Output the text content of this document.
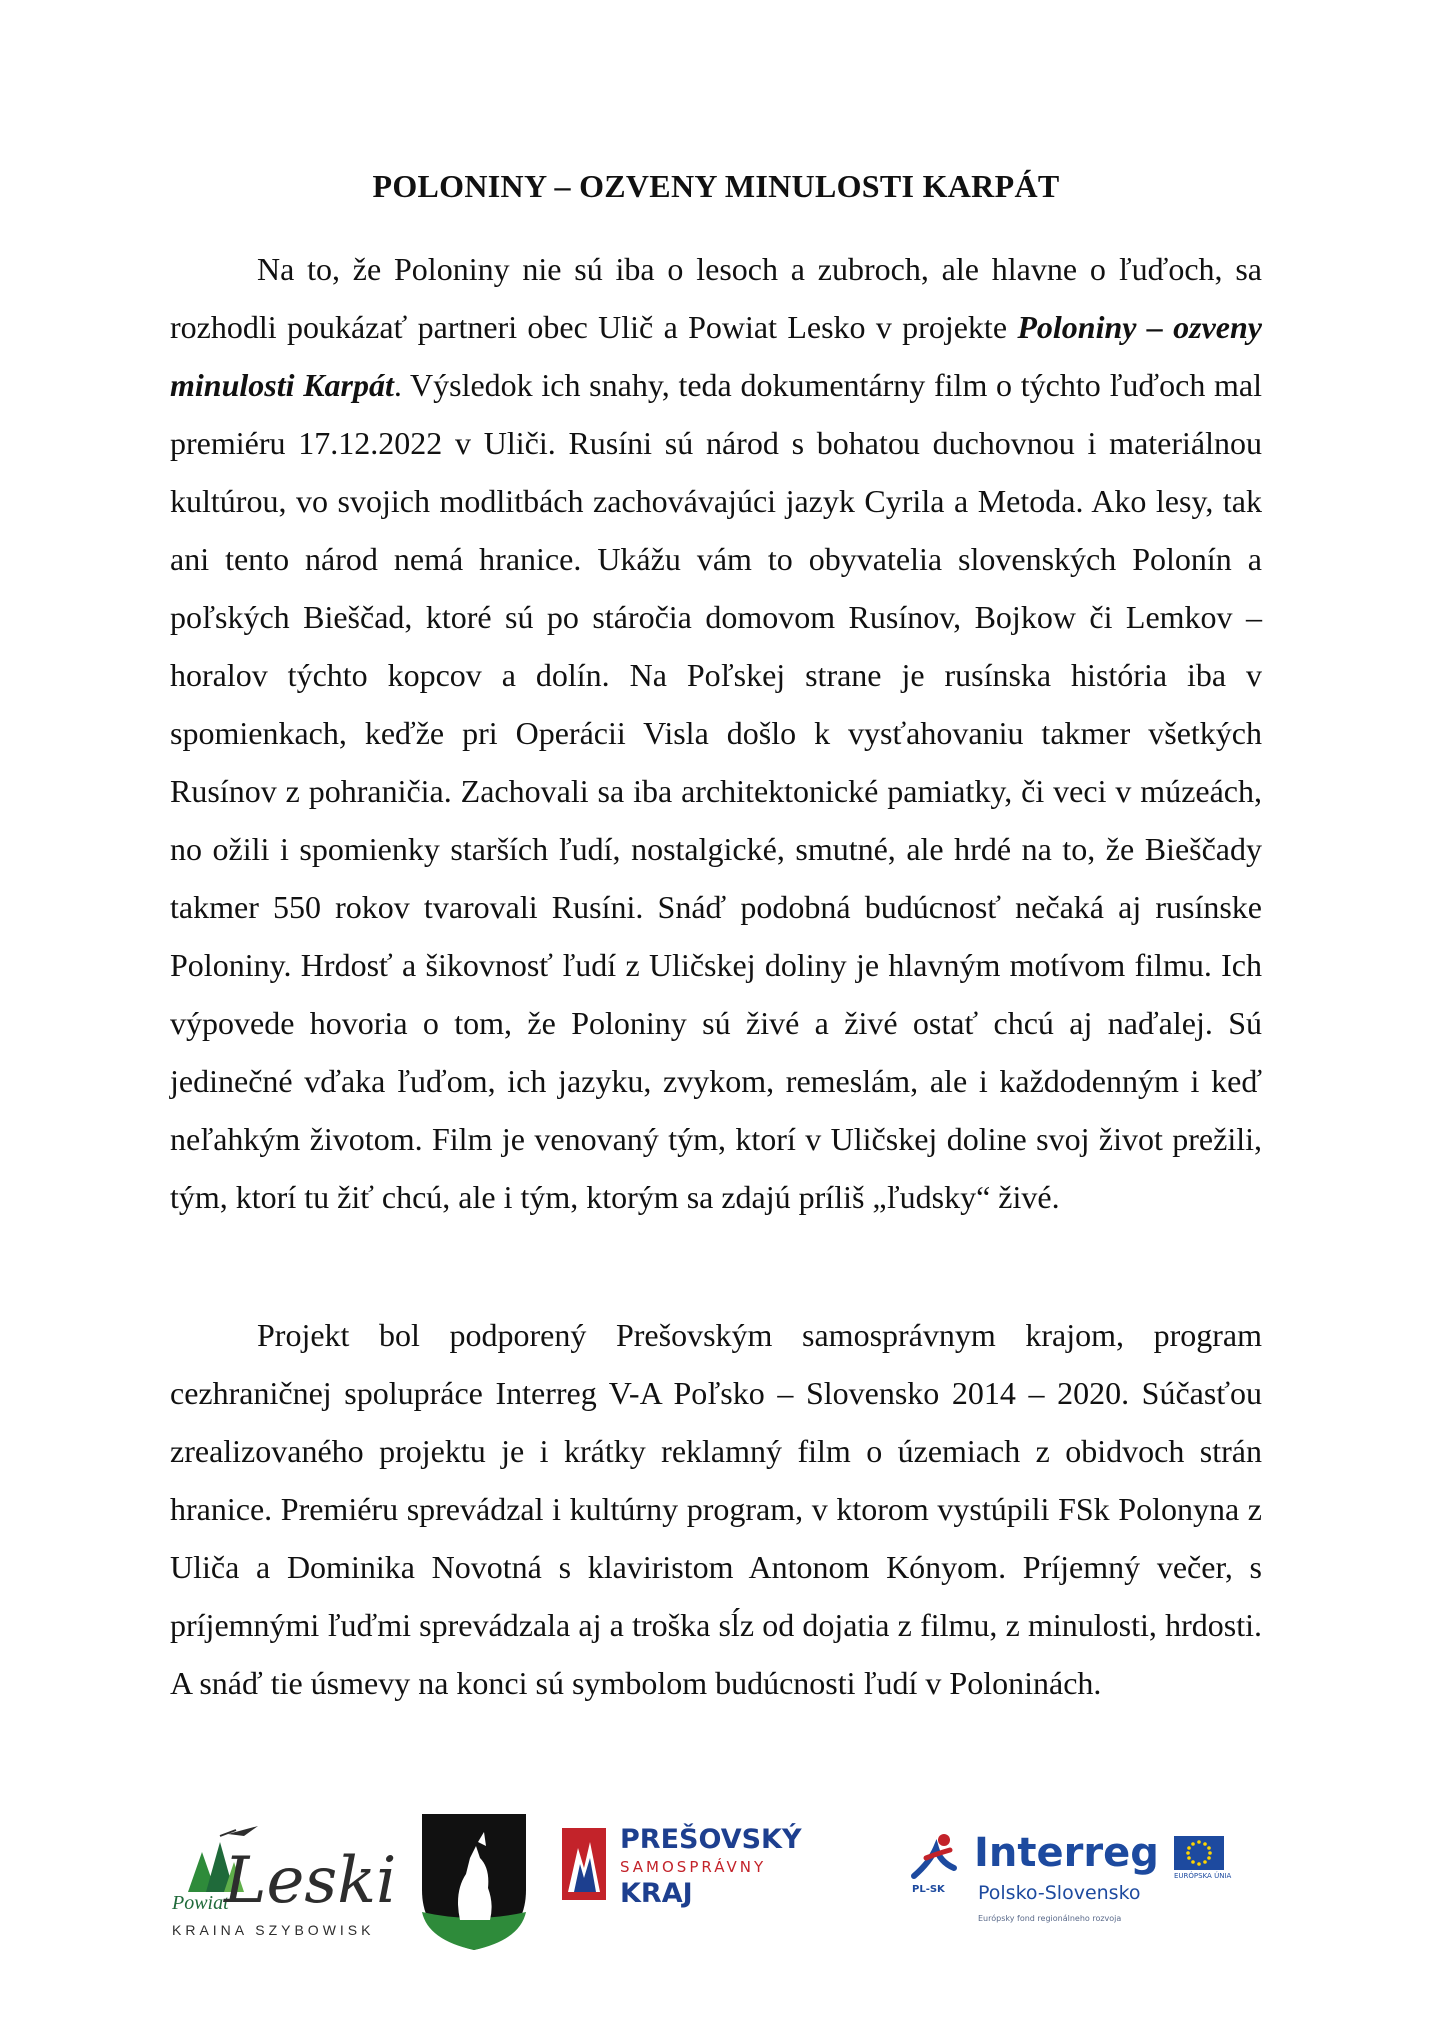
POLONINY – OZVENY MINULOSTI KARPÁT

Na to, že Poloniny nie sú iba o lesoch a zubroch, ale hlavne o ľuďoch, sa rozhodli poukázať partneri obec Ulič a Powiat Lesko v projekte Poloniny – ozveny minulosti Karpát. Výsledok ich snahy, teda dokumentárny film o týchto ľuďoch mal premiéru 17.12.2022 v Uliči. Rusíni sú národ s bohatou duchovnou i materiálnou kultúrou, vo svojich modlitbách zachovávajúci jazyk Cyrila a Metoda. Ako lesy, tak ani tento národ nemá hranice. Ukážu vám to obyvatelia slovenských Polonín a poľských Bieščad, ktoré sú po stáročia domovom Rusínov, Bojkow či Lemkov – horalov týchto kopcov a dolín. Na Poľskej strane je rusínska história iba v spomienkach, keďže pri Operácii Visla došlo k vysťahovaniu takmer všetkých Rusínov z pohraničia. Zachovali sa iba architektonické pamiatky, či veci v múzeách, no ožili i spomienky starších ľudí, nostalgické, smutné, ale hrdé na to, že Bieščady takmer 550 rokov tvarovali Rusíni. Snáď podobná budúcnosť nečaká aj rusínske Poloniny. Hrdosť a šikovnosť ľudí z Uličskej doliny je hlavným motívom filmu. Ich výpovede hovoria o tom, že Poloniny sú živé a živé ostať chcú aj naďalej. Sú jedinečné vďaka ľuďom, ich jazyku, zvykom, remeslám, ale i každodenným i keď neľahkým životom. Film je venovaný tým, ktorí v Uličskej doline svoj život prežili, tým, ktorí tu žiť chcú, ale i tým, ktorým sa zdajú príliš „ľudsky“ živé.

Projekt bol podporený Prešovským samosprávnym krajom, program cezhraničnej spolupráce Interreg V-A Poľsko – Slovensko 2014 – 2020. Súčasťou zrealizovaného projektu je i krátky reklamný film o územiach z obidvoch strán hranice. Premiéru sprevádzal i kultúrny program, v ktorom vystúpili FSk Polonyna z Uliča a Dominika Novotná s klaviristom Antonom Kónyom. Príjemný večer, s príjemnými ľuďmi sprevádzala aj a troška sĺz od dojatia z filmu, z minulosti, hrdosti. A snáď tie úsmevy na konci sú symbolom budúcnosti ľudí v Poloninách.

Powiat
Leski
KRAINA SZYBOWISK
PREŠOVSKÝ
SAMOSPRÁVNY
KRAJ	PL-SK
Interreg EURÓPSKA ÚNIA
Polsko-Slovensko
Európsky fond regionálneho rozvoja
